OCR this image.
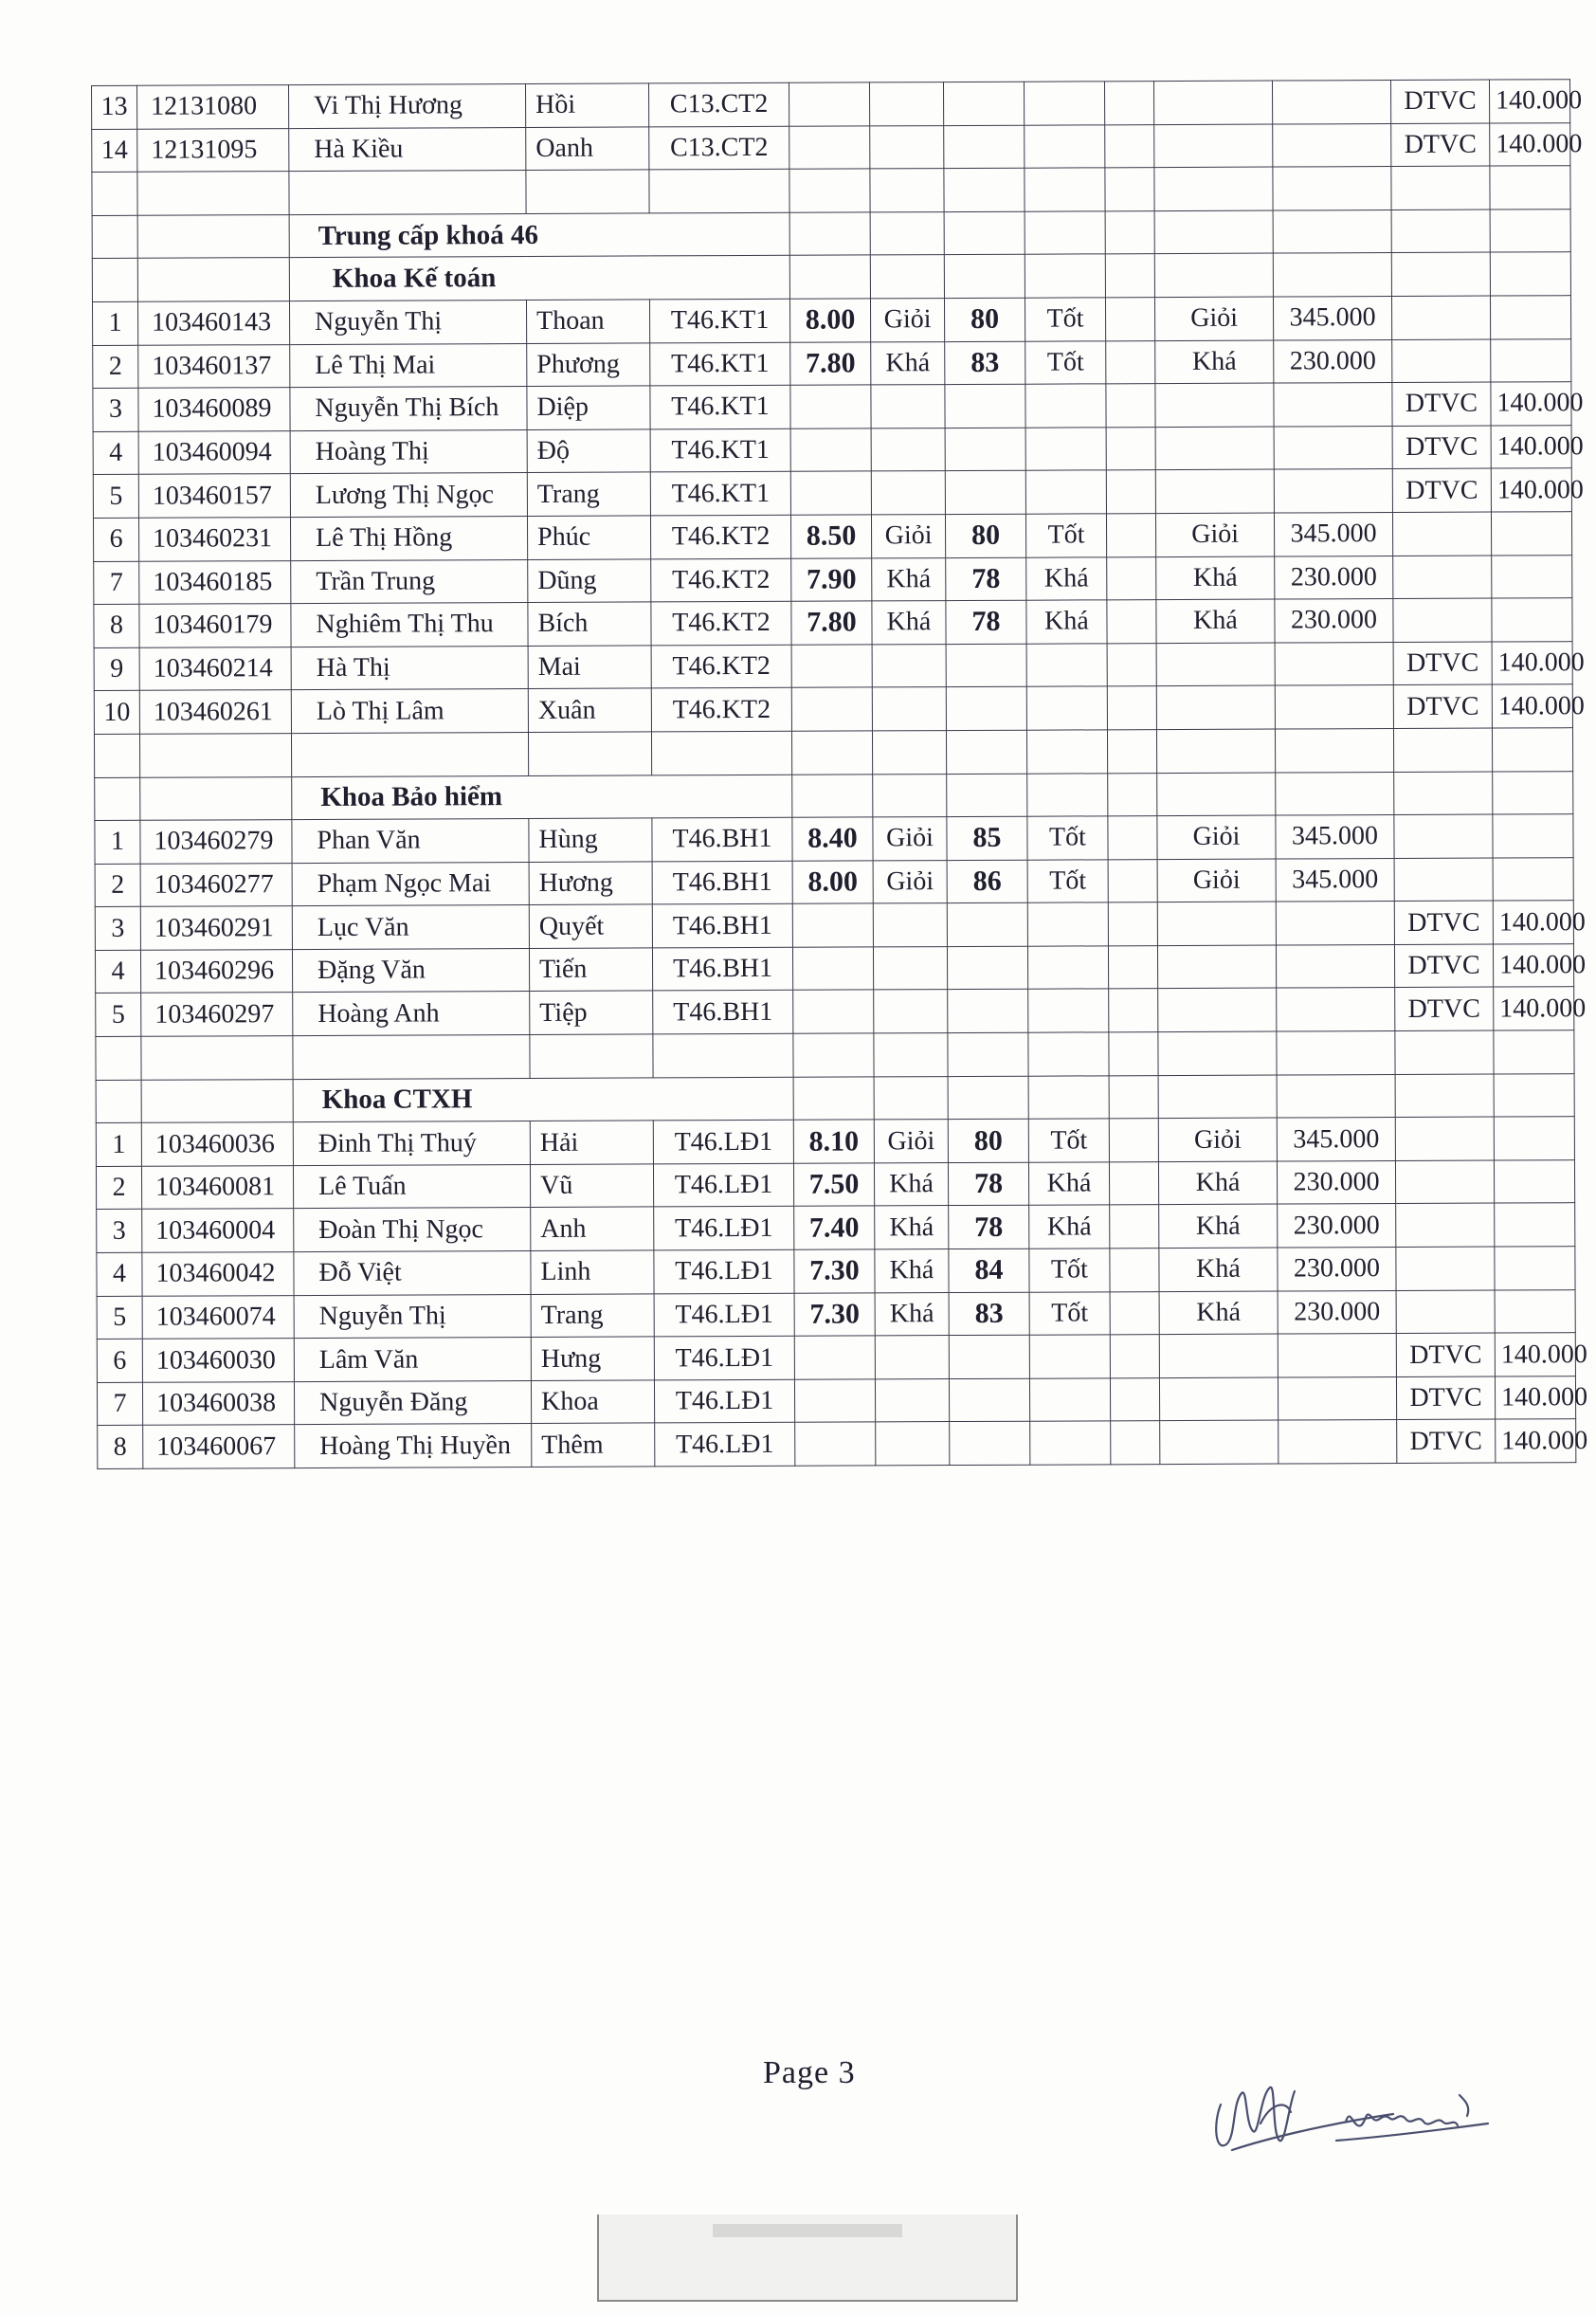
13	12131080	Vi Thị Hương	Hồi	C13.CT2								DTVC	140.000
14	12131095	Hà Kiều	Oanh	C13.CT2								DTVC	140.000

		Trung cấp khoá 46											
		Khoa Kế toán											
1	103460143	Nguyễn Thị	Thoan	T46.KT1	8.00	Giỏi	80	Tốt		Giỏi	345.000		
2	103460137	Lê Thị Mai	Phương	T46.KT1	7.80	Khá	83	Tốt		Khá	230.000		
3	103460089	Nguyễn Thị Bích	Diệp	T46.KT1								DTVC	140.000
4	103460094	Hoàng Thị	Độ	T46.KT1								DTVC	140.000
5	103460157	Lương Thị Ngọc	Trang	T46.KT1								DTVC	140.000
6	103460231	Lê Thị Hồng	Phúc	T46.KT2	8.50	Giỏi	80	Tốt		Giỏi	345.000		
7	103460185	Trần Trung	Dũng	T46.KT2	7.90	Khá	78	Khá		Khá	230.000		
8	103460179	Nghiêm Thị Thu	Bích	T46.KT2	7.80	Khá	78	Khá		Khá	230.000		
9	103460214	Hà Thị	Mai	T46.KT2								DTVC	140.000
10	103460261	Lò Thị Lâm	Xuân	T46.KT2								DTVC	140.000

		Khoa Bảo hiểm											
1	103460279	Phan Văn	Hùng	T46.BH1	8.40	Giỏi	85	Tốt		Giỏi	345.000		
2	103460277	Phạm Ngọc Mai	Hương	T46.BH1	8.00	Giỏi	86	Tốt		Giỏi	345.000		
3	103460291	Lục Văn	Quyết	T46.BH1								DTVC	140.000
4	103460296	Đặng Văn	Tiến	T46.BH1								DTVC	140.000
5	103460297	Hoàng Anh	Tiệp	T46.BH1								DTVC	140.000

		Khoa CTXH											
1	103460036	Đinh Thị Thuý	Hải	T46.LĐ1	8.10	Giỏi	80	Tốt		Giỏi	345.000		
2	103460081	Lê Tuấn	Vũ	T46.LĐ1	7.50	Khá	78	Khá		Khá	230.000		
3	103460004	Đoàn Thị Ngọc	Anh	T46.LĐ1	7.40	Khá	78	Khá		Khá	230.000		
4	103460042	Đỗ Việt	Linh	T46.LĐ1	7.30	Khá	84	Tốt		Khá	230.000		
5	103460074	Nguyễn Thị	Trang	T46.LĐ1	7.30	Khá	83	Tốt		Khá	230.000		
6	103460030	Lâm Văn	Hưng	T46.LĐ1								DTVC	140.000
7	103460038	Nguyễn Đăng	Khoa	T46.LĐ1								DTVC	140.000
8	103460067	Hoàng Thị Huyền	Thêm	T46.LĐ1								DTVC	140.000
Page 3
